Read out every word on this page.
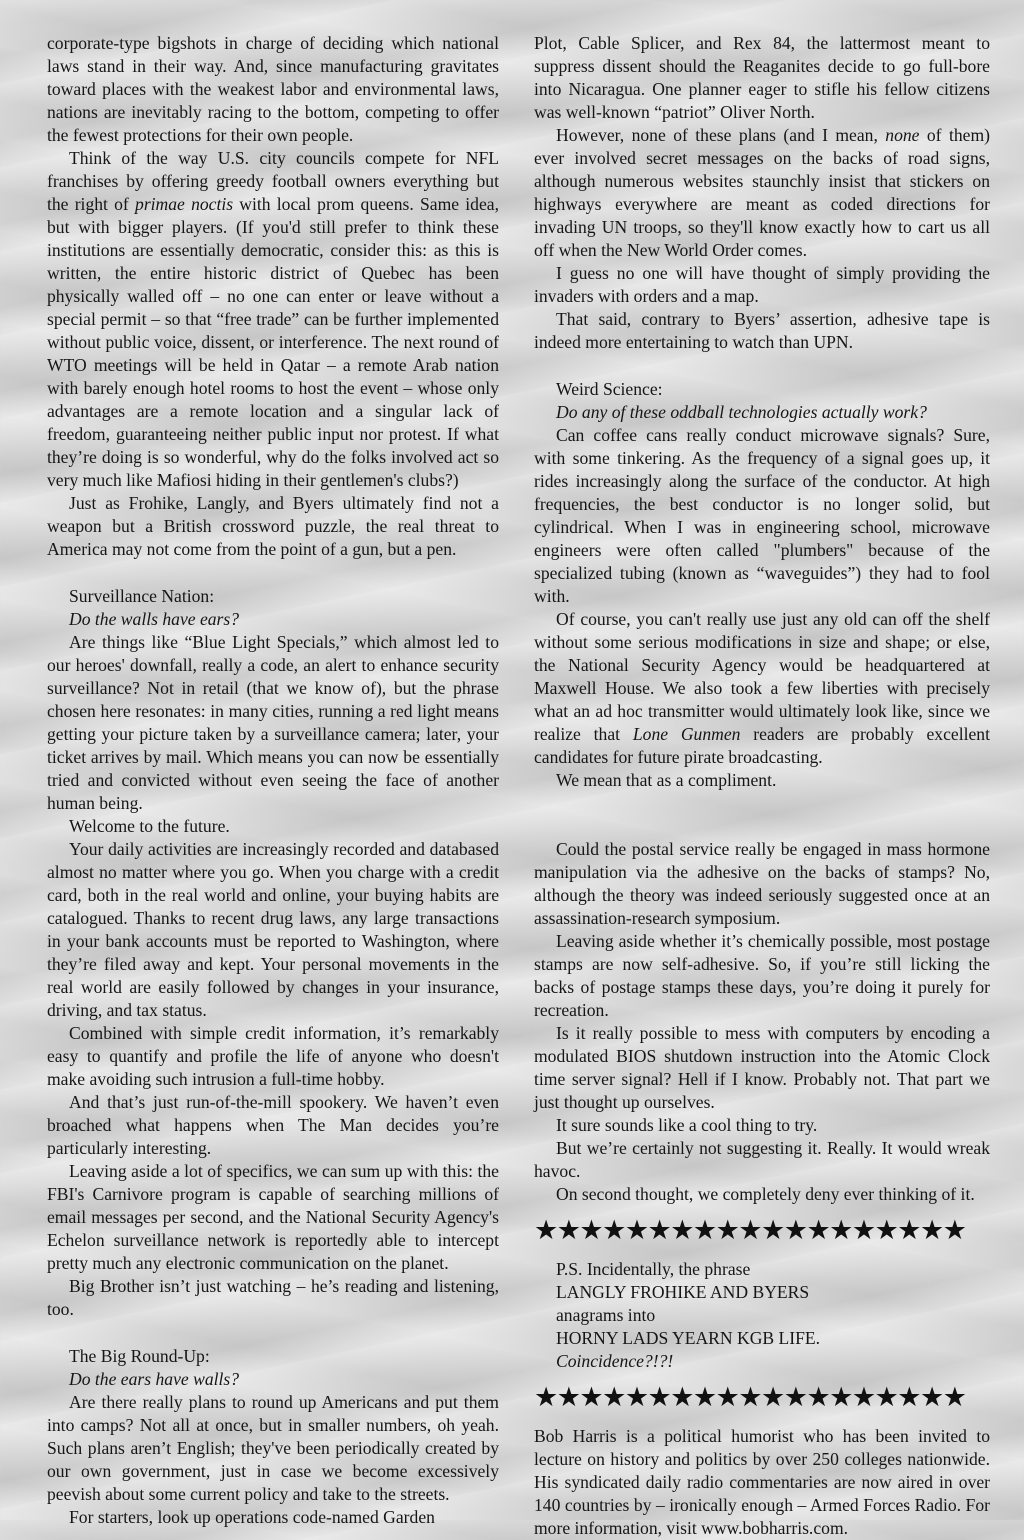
corporate-type bigshots in charge of deciding which national laws stand in their way. And, since manufacturing gravitates toward places with the weakest labor and environmental laws, nations are inevitably racing to the bottom, competing to offer the fewest protections for their own people.

Think of the way U.S. city councils compete for NFL franchises by offering greedy football owners everything but the right of primae noctis with local prom queens. Same idea, but with bigger players. (If you'd still prefer to think these institutions are essentially democratic, consider this: as this is written, the entire historic district of Quebec has been physically walled off – no one can enter or leave without a special permit – so that “free trade” can be further implemented without public voice, dissent, or interference. The next round of WTO meetings will be held in Qatar – a remote Arab nation with barely enough hotel rooms to host the event – whose only advantages are a remote location and a singular lack of freedom, guaranteeing neither public input nor protest. If what they’re doing is so wonderful, why do the folks involved act so very much like Mafiosi hiding in their gentlemen's clubs?)

Just as Frohike, Langly, and Byers ultimately find not a weapon but a British crossword puzzle, the real threat to America may not come from the point of a gun, but a pen.

Surveillance Nation:

Do the walls have ears?

Are things like “Blue Light Specials,” which almost led to our heroes' downfall, really a code, an alert to enhance security surveillance? Not in retail (that we know of), but the phrase chosen here resonates: in many cities, running a red light means getting your picture taken by a surveillance camera; later, your ticket arrives by mail. Which means you can now be essentially tried and convicted without even seeing the face of another human being.

Welcome to the future.

Your daily activities are increasingly recorded and databased almost no matter where you go. When you charge with a credit card, both in the real world and online, your buying habits are catalogued. Thanks to recent drug laws, any large transactions in your bank accounts must be reported to Washington, where they’re filed away and kept. Your personal movements in the real world are easily followed by changes in your insurance, driving, and tax status.

Combined with simple credit information, it’s remarkably easy to quantify and profile the life of anyone who doesn't make avoiding such intrusion a full-time hobby.

And that’s just run-of-the-mill spookery. We haven’t even broached what happens when The Man decides you’re particularly interesting.

Leaving aside a lot of specifics, we can sum up with this: the FBI's Carnivore program is capable of searching millions of email messages per second, and the National Security Agency's Echelon surveillance network is reportedly able to intercept pretty much any electronic communication on the planet.

Big Brother isn’t just watching – he’s reading and listening, too.

The Big Round-Up:

Do the ears have walls?

Are there really plans to round up Americans and put them into camps? Not all at once, but in smaller numbers, oh yeah. Such plans aren’t English; they've been periodically created by our own government, just in case we become excessively peevish about some current policy and take to the streets.

For starters, look up operations code-named Garden

Plot, Cable Splicer, and Rex 84, the lattermost meant to suppress dissent should the Reaganites decide to go full-bore into Nicaragua. One planner eager to stifle his fellow citizens was well-known “patriot” Oliver North.

However, none of these plans (and I mean, none of them) ever involved secret messages on the backs of road signs, although numerous websites staunchly insist that stickers on highways everywhere are meant as coded directions for invading UN troops, so they'll know exactly how to cart us all off when the New World Order comes.

I guess no one will have thought of simply providing the invaders with orders and a map.

That said, contrary to Byers’ assertion, adhesive tape is indeed more entertaining to watch than UPN.

Weird Science:

Do any of these oddball technologies actually work?

Can coffee cans really conduct microwave signals? Sure, with some tinkering. As the frequency of a signal goes up, it rides increasingly along the surface of the conductor. At high frequencies, the best conductor is no longer solid, but cylindrical. When I was in engineering school, microwave engineers were often called "plumbers" because of the specialized tubing (known as “waveguides”) they had to fool with.

Of course, you can't really use just any old can off the shelf without some serious modifications in size and shape; or else, the National Security Agency would be headquartered at Maxwell House. We also took a few liberties with precisely what an ad hoc transmitter would ultimately look like, since we realize that Lone Gunmen readers are probably excellent candidates for future pirate broadcasting.

We mean that as a compliment.

Could the postal service really be engaged in mass hormone manipulation via the adhesive on the backs of stamps? No, although the theory was indeed seriously suggested once at an assassination-research symposium.

Leaving aside whether it’s chemically possible, most postage stamps are now self-adhesive. So, if you’re still licking the backs of postage stamps these days, you’re doing it purely for recreation.

Is it really possible to mess with computers by encoding a modulated BIOS shutdown instruction into the Atomic Clock time server signal? Hell if I know. Probably not. That part we just thought up ourselves.

It sure sounds like a cool thing to try.

But we’re certainly not suggesting it. Really. It would wreak havoc.

On second thought, we completely deny ever thinking of it.

★★★★★★★★★★★★★★★★★★★

P.S. Incidentally, the phrase

LANGLY FROHIKE AND BYERS

anagrams into

HORNY LADS YEARN KGB LIFE.

Coincidence?!?!

★★★★★★★★★★★★★★★★★★★

Bob Harris is a political humorist who has been invited to lecture on history and politics by over 250 colleges nationwide. His syndicated daily radio commentaries are now aired in over 140 countries by – ironically enough – Armed Forces Radio. For more information, visit www.bobharris.com.
